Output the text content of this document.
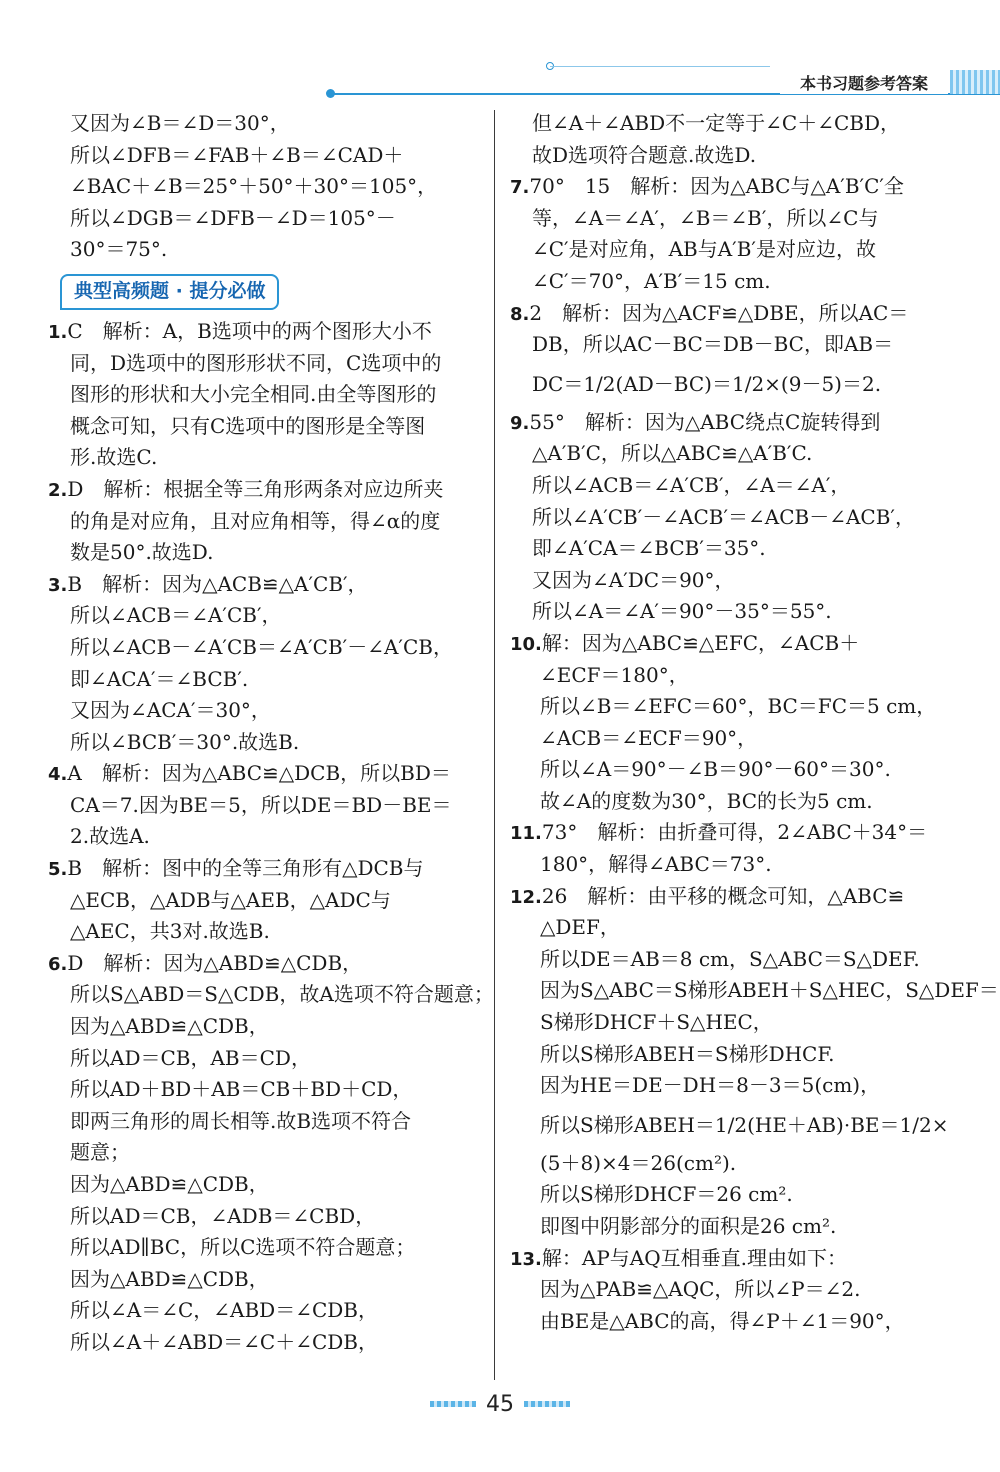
本书习题参考答案
又因为∠B＝∠D＝30°，
所以∠DFB＝∠FAB＋∠B＝∠CAD＋
∠BAC＋∠B＝25°＋50°＋30°＝105°，
所以∠DGB＝∠DFB－∠D＝105°－
30°＝75°.
典型高频题 · 提分必做
1.C　解析：A，B选项中的两个图形大小不
同，D选项中的图形形状不同，C选项中的
图形的形状和大小完全相同.由全等图形的
概念可知，只有C选项中的图形是全等图
形.故选C.
2.D　解析：根据全等三角形两条对应边所夹
的角是对应角，且对应角相等，得∠α的度
数是50°.故选D.
3.B　解析：因为△ACB≌△A′CB′，
所以∠ACB＝∠A′CB′，
所以∠ACB－∠A′CB＝∠A′CB′－∠A′CB，
即∠ACA′＝∠BCB′.
又因为∠ACA′＝30°，
所以∠BCB′＝30°.故选B.
4.A　解析：因为△ABC≌△DCB，所以BD＝
CA＝7.因为BE＝5，所以DE＝BD－BE＝
2.故选A.
5.B　解析：图中的全等三角形有△DCB与
△ECB，△ADB与△AEB，△ADC与
△AEC，共3对.故选B.
6.D　解析：因为△ABD≌△CDB，
所以S△ABD＝S△CDB，故A选项不符合题意；
因为△ABD≌△CDB，
所以AD＝CB，AB＝CD，
所以AD＋BD＋AB＝CB＋BD＋CD，
即两三角形的周长相等.故B选项不符合
题意；
因为△ABD≌△CDB，
所以AD＝CB，∠ADB＝∠CBD，
所以AD∥BC，所以C选项不符合题意；
因为△ABD≌△CDB，
所以∠A＝∠C，∠ABD＝∠CDB，
所以∠A＋∠ABD＝∠C＋∠CDB，
但∠A＋∠ABD不一定等于∠C＋∠CBD，
故D选项符合题意.故选D.
7.70°　15　解析：因为△ABC与△A′B′C′全
等，∠A＝∠A′，∠B＝∠B′，所以∠C与
∠C′是对应角，AB与A′B′是对应边，故
∠C′＝70°，A′B′＝15 cm.
8.2　解析：因为△ACF≌△DBE，所以AC＝
DB，所以AC－BC＝DB－BC，即AB＝
DC＝1/2(AD－BC)＝1/2×(9－5)＝2.
9.55°　解析：因为△ABC绕点C旋转得到
△A′B′C，所以△ABC≌△A′B′C.
所以∠ACB＝∠A′CB′，∠A＝∠A′，
所以∠A′CB′－∠ACB′＝∠ACB－∠ACB′，
即∠A′CA＝∠BCB′＝35°.
又因为∠A′DC＝90°，
所以∠A＝∠A′＝90°－35°＝55°.
10.解：因为△ABC≌△EFC，∠ACB＋
∠ECF＝180°，
所以∠B＝∠EFC＝60°，BC＝FC＝5 cm，
∠ACB＝∠ECF＝90°，
所以∠A＝90°－∠B＝90°－60°＝30°.
故∠A的度数为30°，BC的长为5 cm.
11.73°　解析：由折叠可得，2∠ABC＋34°＝
180°，解得∠ABC＝73°.
12.26　解析：由平移的概念可知，△ABC≌
△DEF，
所以DE＝AB＝8 cm，S△ABC＝S△DEF.
因为S△ABC＝S梯形ABEH＋S△HEC，S△DEF＝
S梯形DHCF＋S△HEC，
所以S梯形ABEH＝S梯形DHCF.
因为HE＝DE－DH＝8－3＝5(cm)，
所以S梯形ABEH＝1/2(HE＋AB)·BE＝1/2×
(5＋8)×4＝26(cm²).
所以S梯形DHCF＝26 cm².
即图中阴影部分的面积是26 cm².
13.解：AP与AQ互相垂直.理由如下：
因为△PAB≌△AQC，所以∠P＝∠2.
由BE是△ABC的高，得∠P＋∠1＝90°，
45
